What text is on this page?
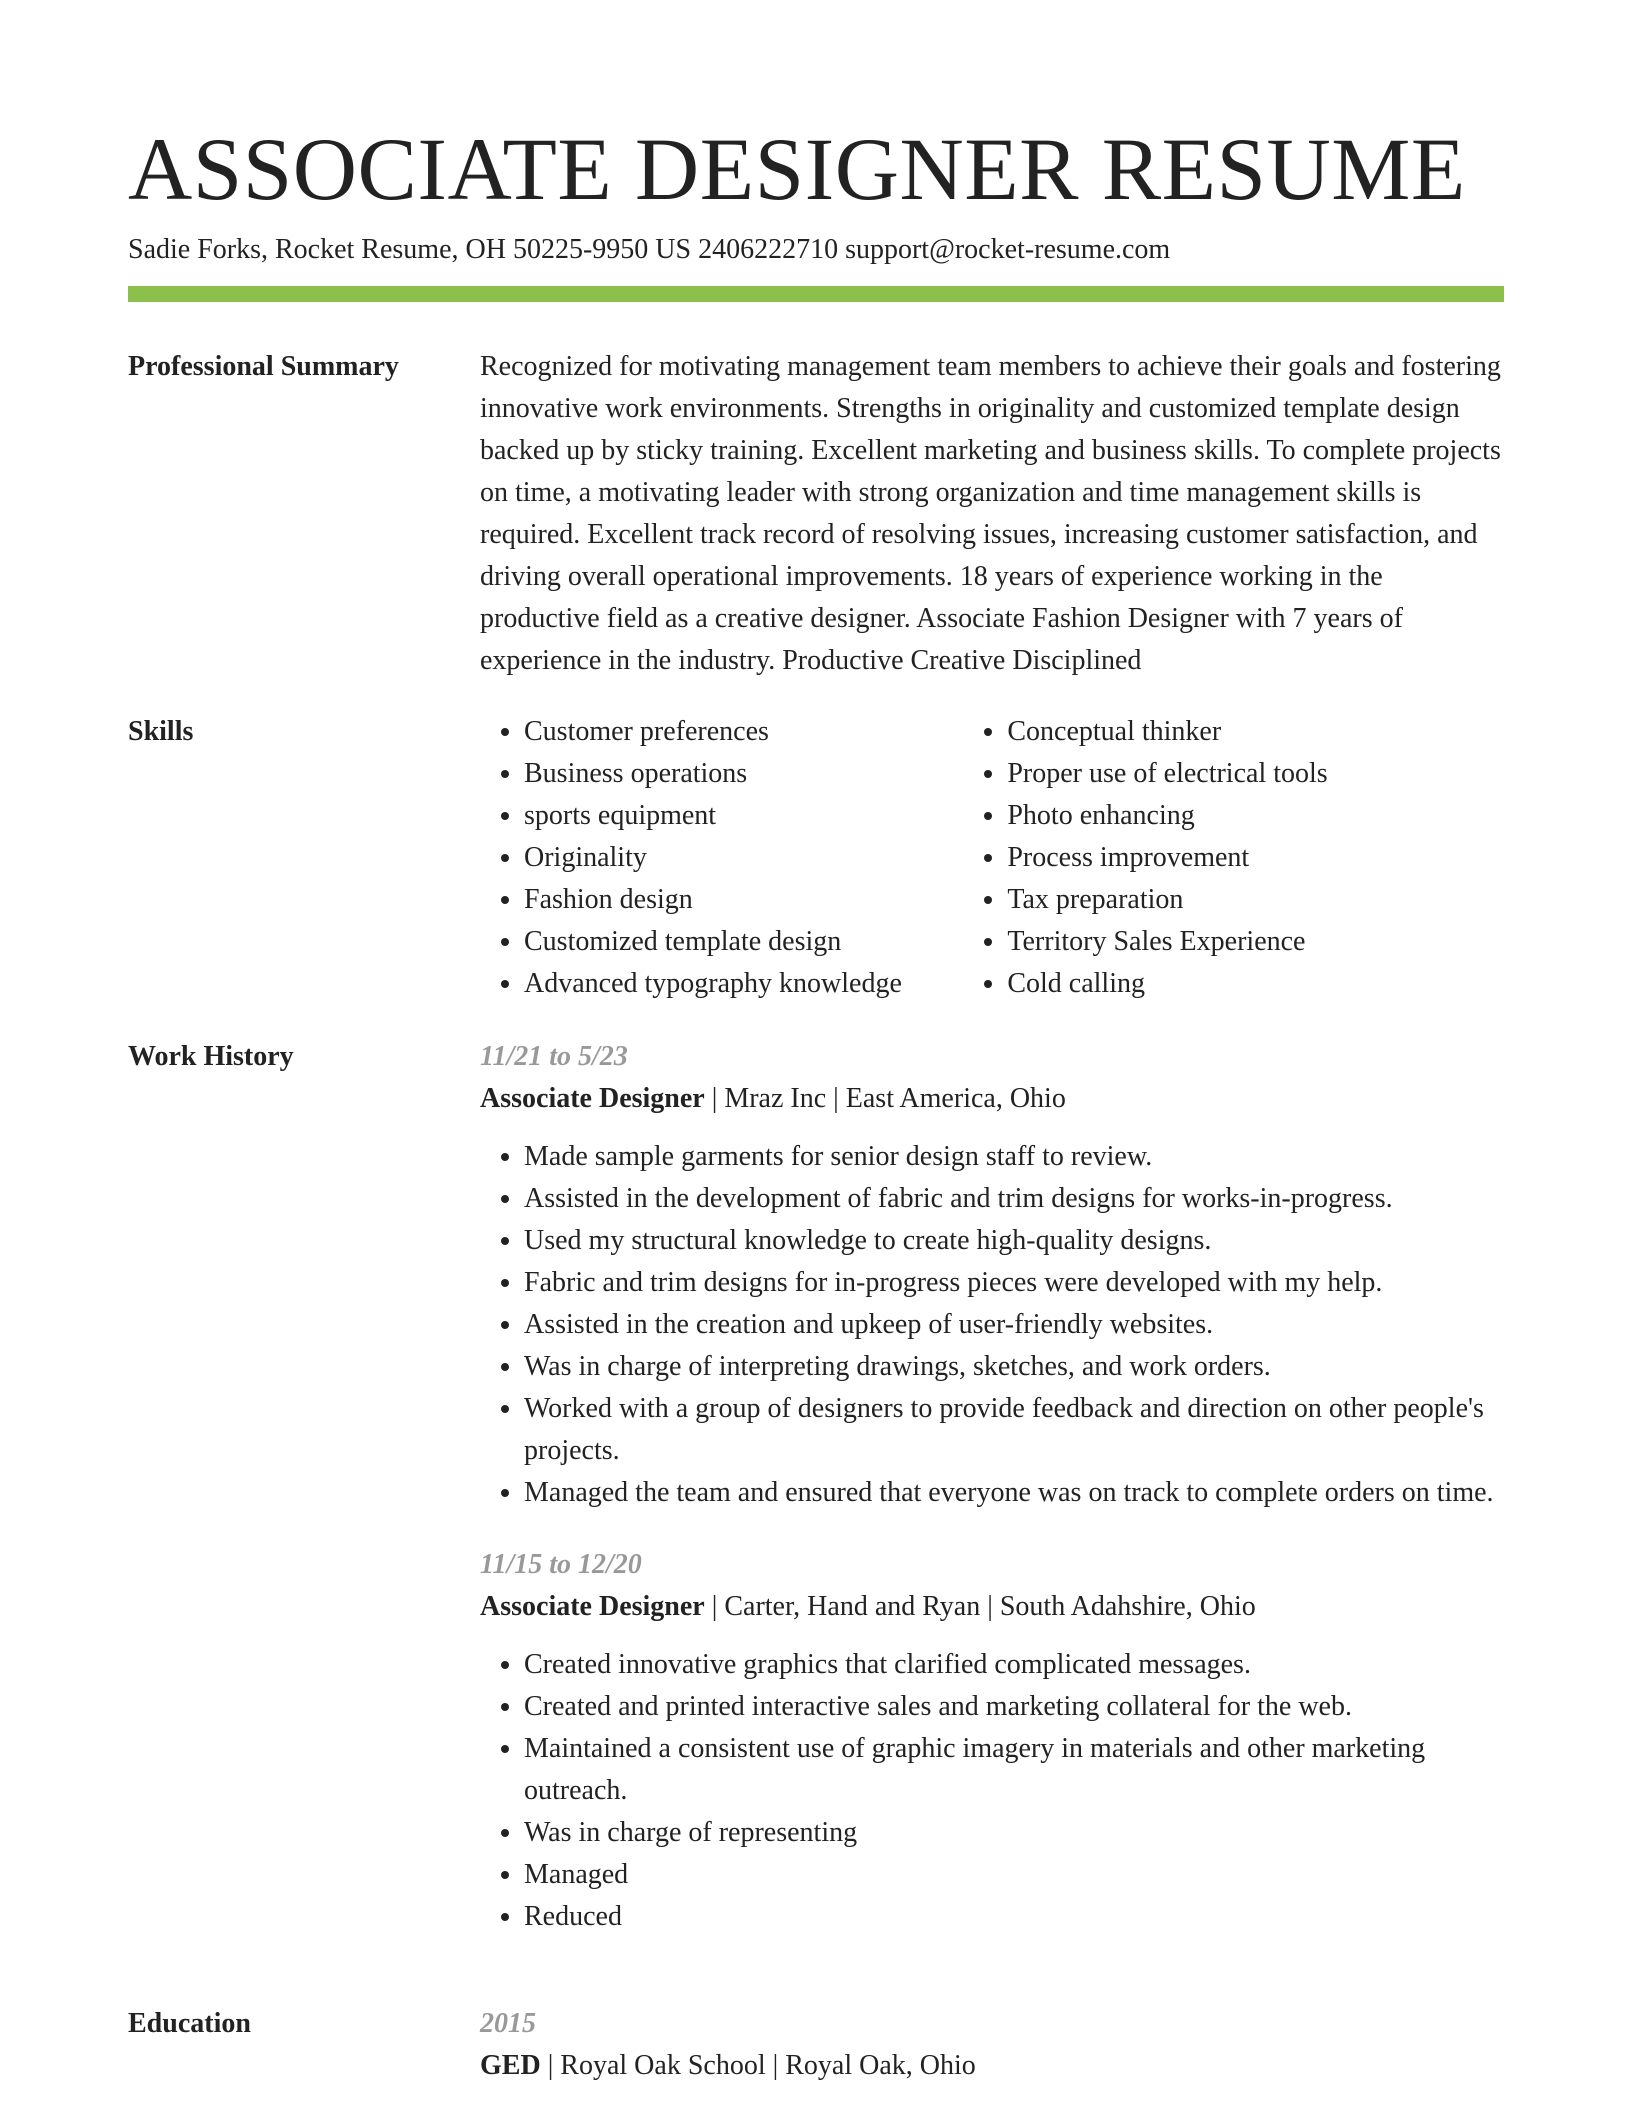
ASSOCIATE DESIGNER RESUME
Sadie Forks, Rocket Resume, OH 50225-9950 US 2406222710 support@rocket-resume.com
Professional Summary	Recognized for motivating management team members to achieve their goals and fostering innovative work environments. Strengths in originality and customized template design backed up by sticky training. Excellent marketing and business skills. To complete projects on time, a motivating leader with strong organization and time management skills is required. Excellent track record of resolving issues, increasing customer satisfaction, and driving overall operational improvements. 18 years of experience working in the productive field as a creative designer. Associate Fashion Designer with 7 years of experience in the industry. Productive Creative Disciplined

Skills
•	Customer preferences
• Business operations
• sports equipment
• Originality
• Fashion design
• Customized template design
• Advanced typography knowledge
• Conceptual thinker
• Proper use of electrical tools
• Photo enhancing
• Process improvement
• Tax preparation
• Territory Sales Experience
• Cold calling
Work History	11/21 to 5/23

Associate Designer | Mraz Inc | East America, Ohio

• Made sample garments for senior design staff to review.
• Assisted in the development of fabric and trim designs for works-in-progress.
• Used my structural knowledge to create high-quality designs.
• Fabric and trim designs for in-progress pieces were developed with my help.
• Assisted in the creation and upkeep of user-friendly websites.
• Was in charge of interpreting drawings, sketches, and work orders.
• Worked with a group of designers to provide feedback and direction on other people's projects.
• Managed the team and ensured that everyone was on track to complete orders on time.

11/15 to 12/20

Associate Designer | Carter, Hand and Ryan | South Adahshire, Ohio

• Created innovative graphics that clarified complicated messages.
• Created and printed interactive sales and marketing collateral for the web.
• Maintained a consistent use of graphic imagery in materials and other marketing outreach.
• Was in charge of representing
• Managed
• Reduced
Education	2015

GED | Royal Oak School | Royal Oak, Ohio
